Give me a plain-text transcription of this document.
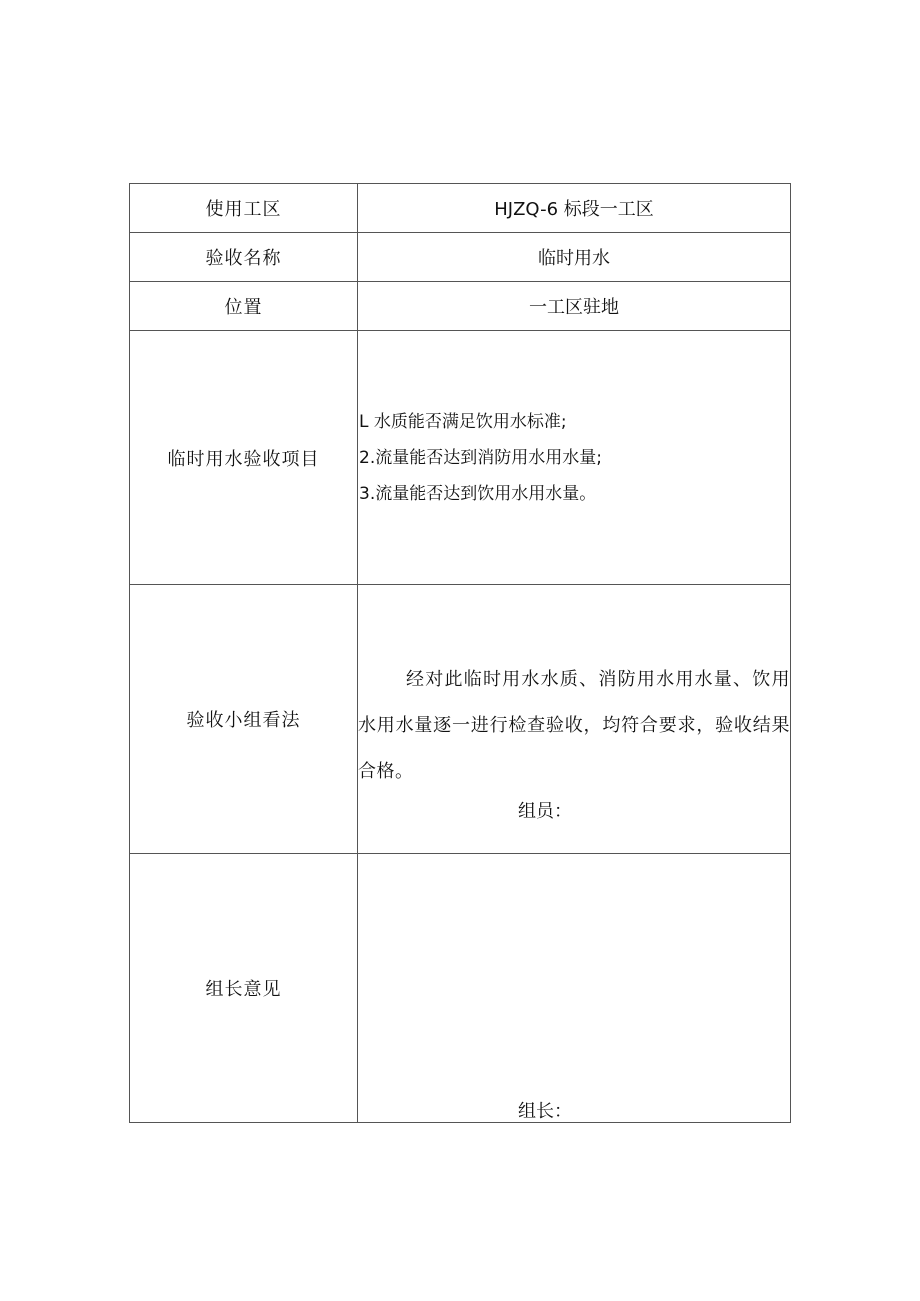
使用工区	HJZQ-6 标段一工区
验收名称	临时用水
位置	一工区驻地
临时用水验收项目	L 水质能否满足饮用水标准;
2.流量能否达到消防用水用水量;
3.流量能否达到饮用水用水量。

验收小组看法	经对此临时用水水质、消防用水用水量、饮用水用水量逐一进行检查验收，均符合要求，验收结果合格。
组员：

组长意见	组长：
